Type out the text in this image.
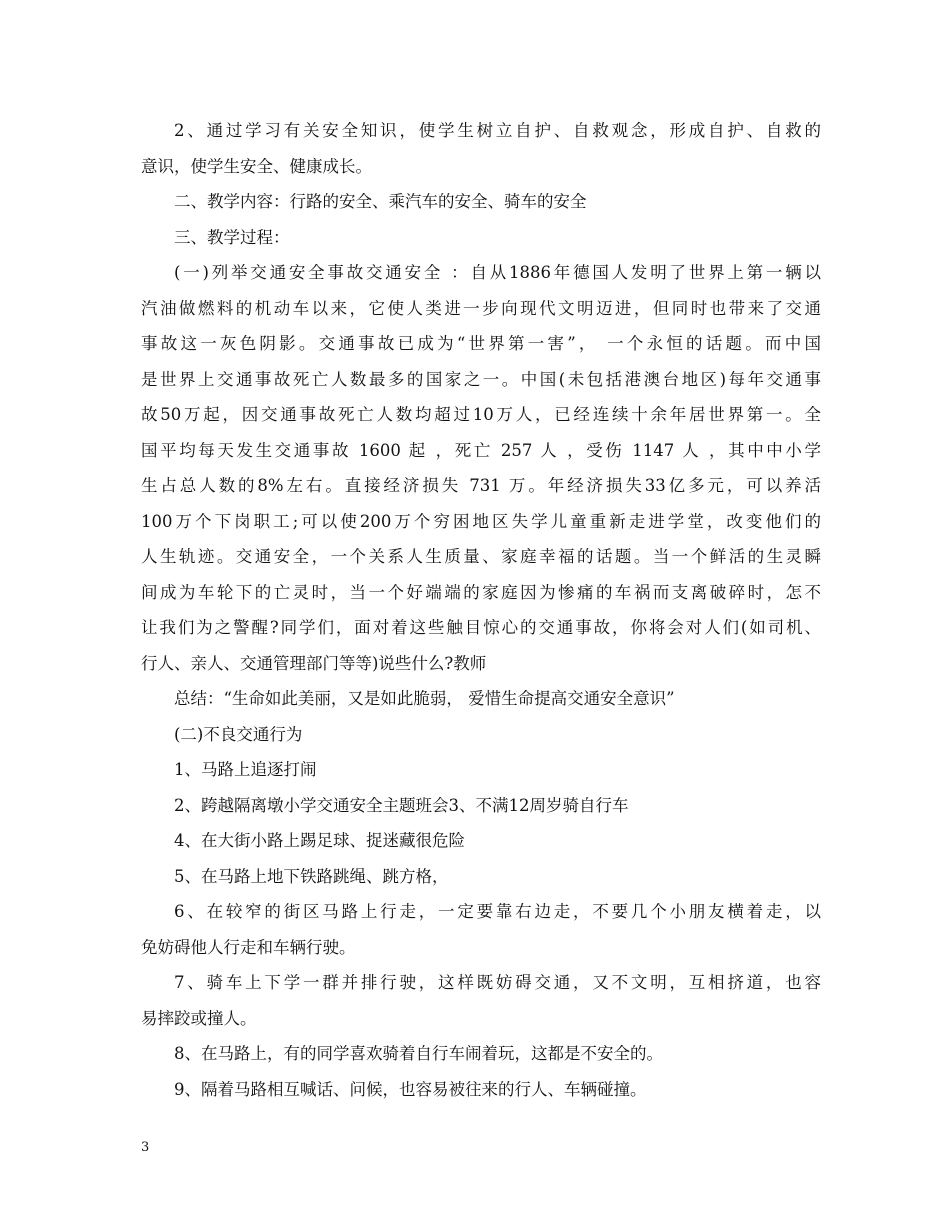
2、通过学习有关安全知识，使学生树立自护、自救观念，形成自护、自救的

意识，使学生安全、健康成长。

二、教学内容：行路的安全、乘汽车的安全、骑车的安全

三、教学过程：

(一)列举交通安全事故交通安全 ：自从1886年德国人发明了世界上第一辆以

汽油做燃料的机动车以来，它使人类进一步向现代文明迈进，但同时也带来了交通

事故这一灰色阴影。交通事故已成为“世界第一害”， 一个永恒的话题。而中国

是世界上交通事故死亡人数最多的国家之一。中国(未包括港澳台地区)每年交通事

故50万起，因交通事故死亡人数均超过10万人，已经连续十余年居世界第一。全

国平均每天发生交通事故 1600 起 ，死亡 257 人 ，受伤 1147 人 ，其中中小学

生占总人数的8%左右。直接经济损失 731 万。年经济损失33亿多元，可以养活

100万个下岗职工;可以使200万个穷困地区失学儿童重新走进学堂，改变他们的

人生轨迹。交通安全，一个关系人生质量、家庭幸福的话题。当一个鲜活的生灵瞬

间成为车轮下的亡灵时，当一个好端端的家庭因为惨痛的车祸而支离破碎时，怎不

让我们为之警醒?同学们，面对着这些触目惊心的交通事故，你将会对人们(如司机、

行人、亲人、交通管理部门等等)说些什么?教师

总结：“生命如此美丽，又是如此脆弱， 爱惜生命提高交通安全意识”

(二)不良交通行为

1、马路上追逐打闹

2、跨越隔离墩小学交通安全主题班会3、不满12周岁骑自行车

4、在大街小路上踢足球、捉迷藏很危险

5、在马路上地下铁路跳绳、跳方格，

6、在较窄的街区马路上行走，一定要靠右边走，不要几个小朋友横着走，以

免妨碍他人行走和车辆行驶。

7、骑车上下学一群并排行驶，这样既妨碍交通，又不文明，互相挤道，也容

易摔跤或撞人。

8、在马路上，有的同学喜欢骑着自行车闹着玩，这都是不安全的。

9、隔着马路相互喊话、问候，也容易被往来的行人、车辆碰撞。

3
